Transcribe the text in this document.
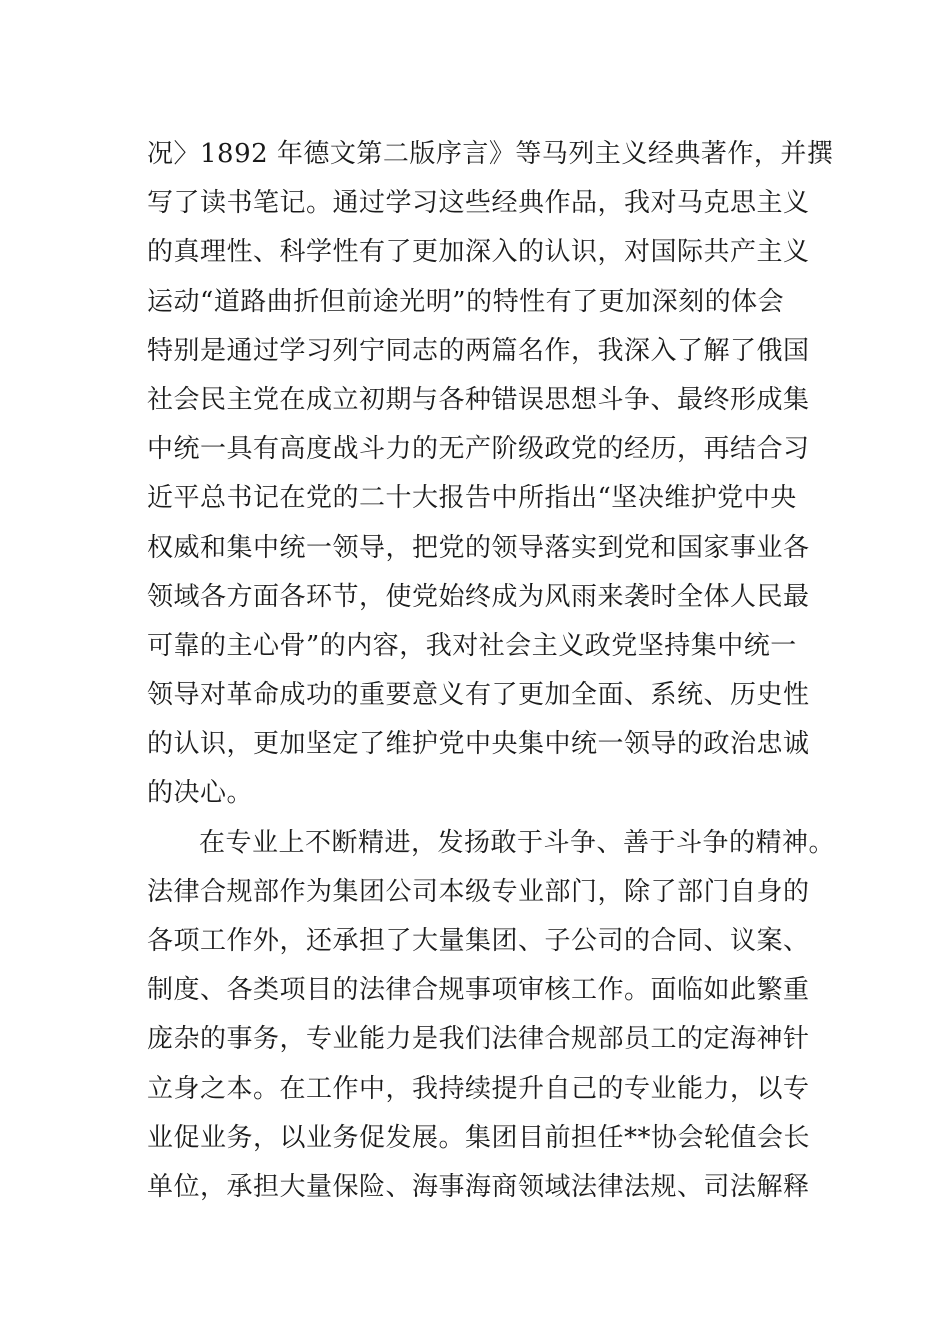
况〉1892 年德文第二版序言》等马列主义经典著作，并撰
写了读书笔记。通过学习这些经典作品，我对马克思主义
的真理性、科学性有了更加深入的认识，对国际共产主义
运动“道路曲折但前途光明”的特性有了更加深刻的体会
特别是通过学习列宁同志的两篇名作，我深入了解了俄国
社会民主党在成立初期与各种错误思想斗争、最终形成集
中统一具有高度战斗力的无产阶级政党的经历，再结合习
近平总书记在党的二十大报告中所指出“坚决维护党中央
权威和集中统一领导，把党的领导落实到党和国家事业各
领域各方面各环节，使党始终成为风雨来袭时全体人民最
可靠的主心骨”的内容，我对社会主义政党坚持集中统一
领导对革命成功的重要意义有了更加全面、系统、历史性
的认识，更加坚定了维护党中央集中统一领导的政治忠诚
的决心。
在专业上不断精进，发扬敢于斗争、善于斗争的精神。
法律合规部作为集团公司本级专业部门，除了部门自身的
各项工作外，还承担了大量集团、子公司的合同、议案、
制度、各类项目的法律合规事项审核工作。面临如此繁重
庞杂的事务，专业能力是我们法律合规部员工的定海神针
立身之本。在工作中，我持续提升自己的专业能力，以专
业促业务，以业务促发展。集团目前担任**协会轮值会长
单位，承担大量保险、海事海商领域法律法规、司法解释
